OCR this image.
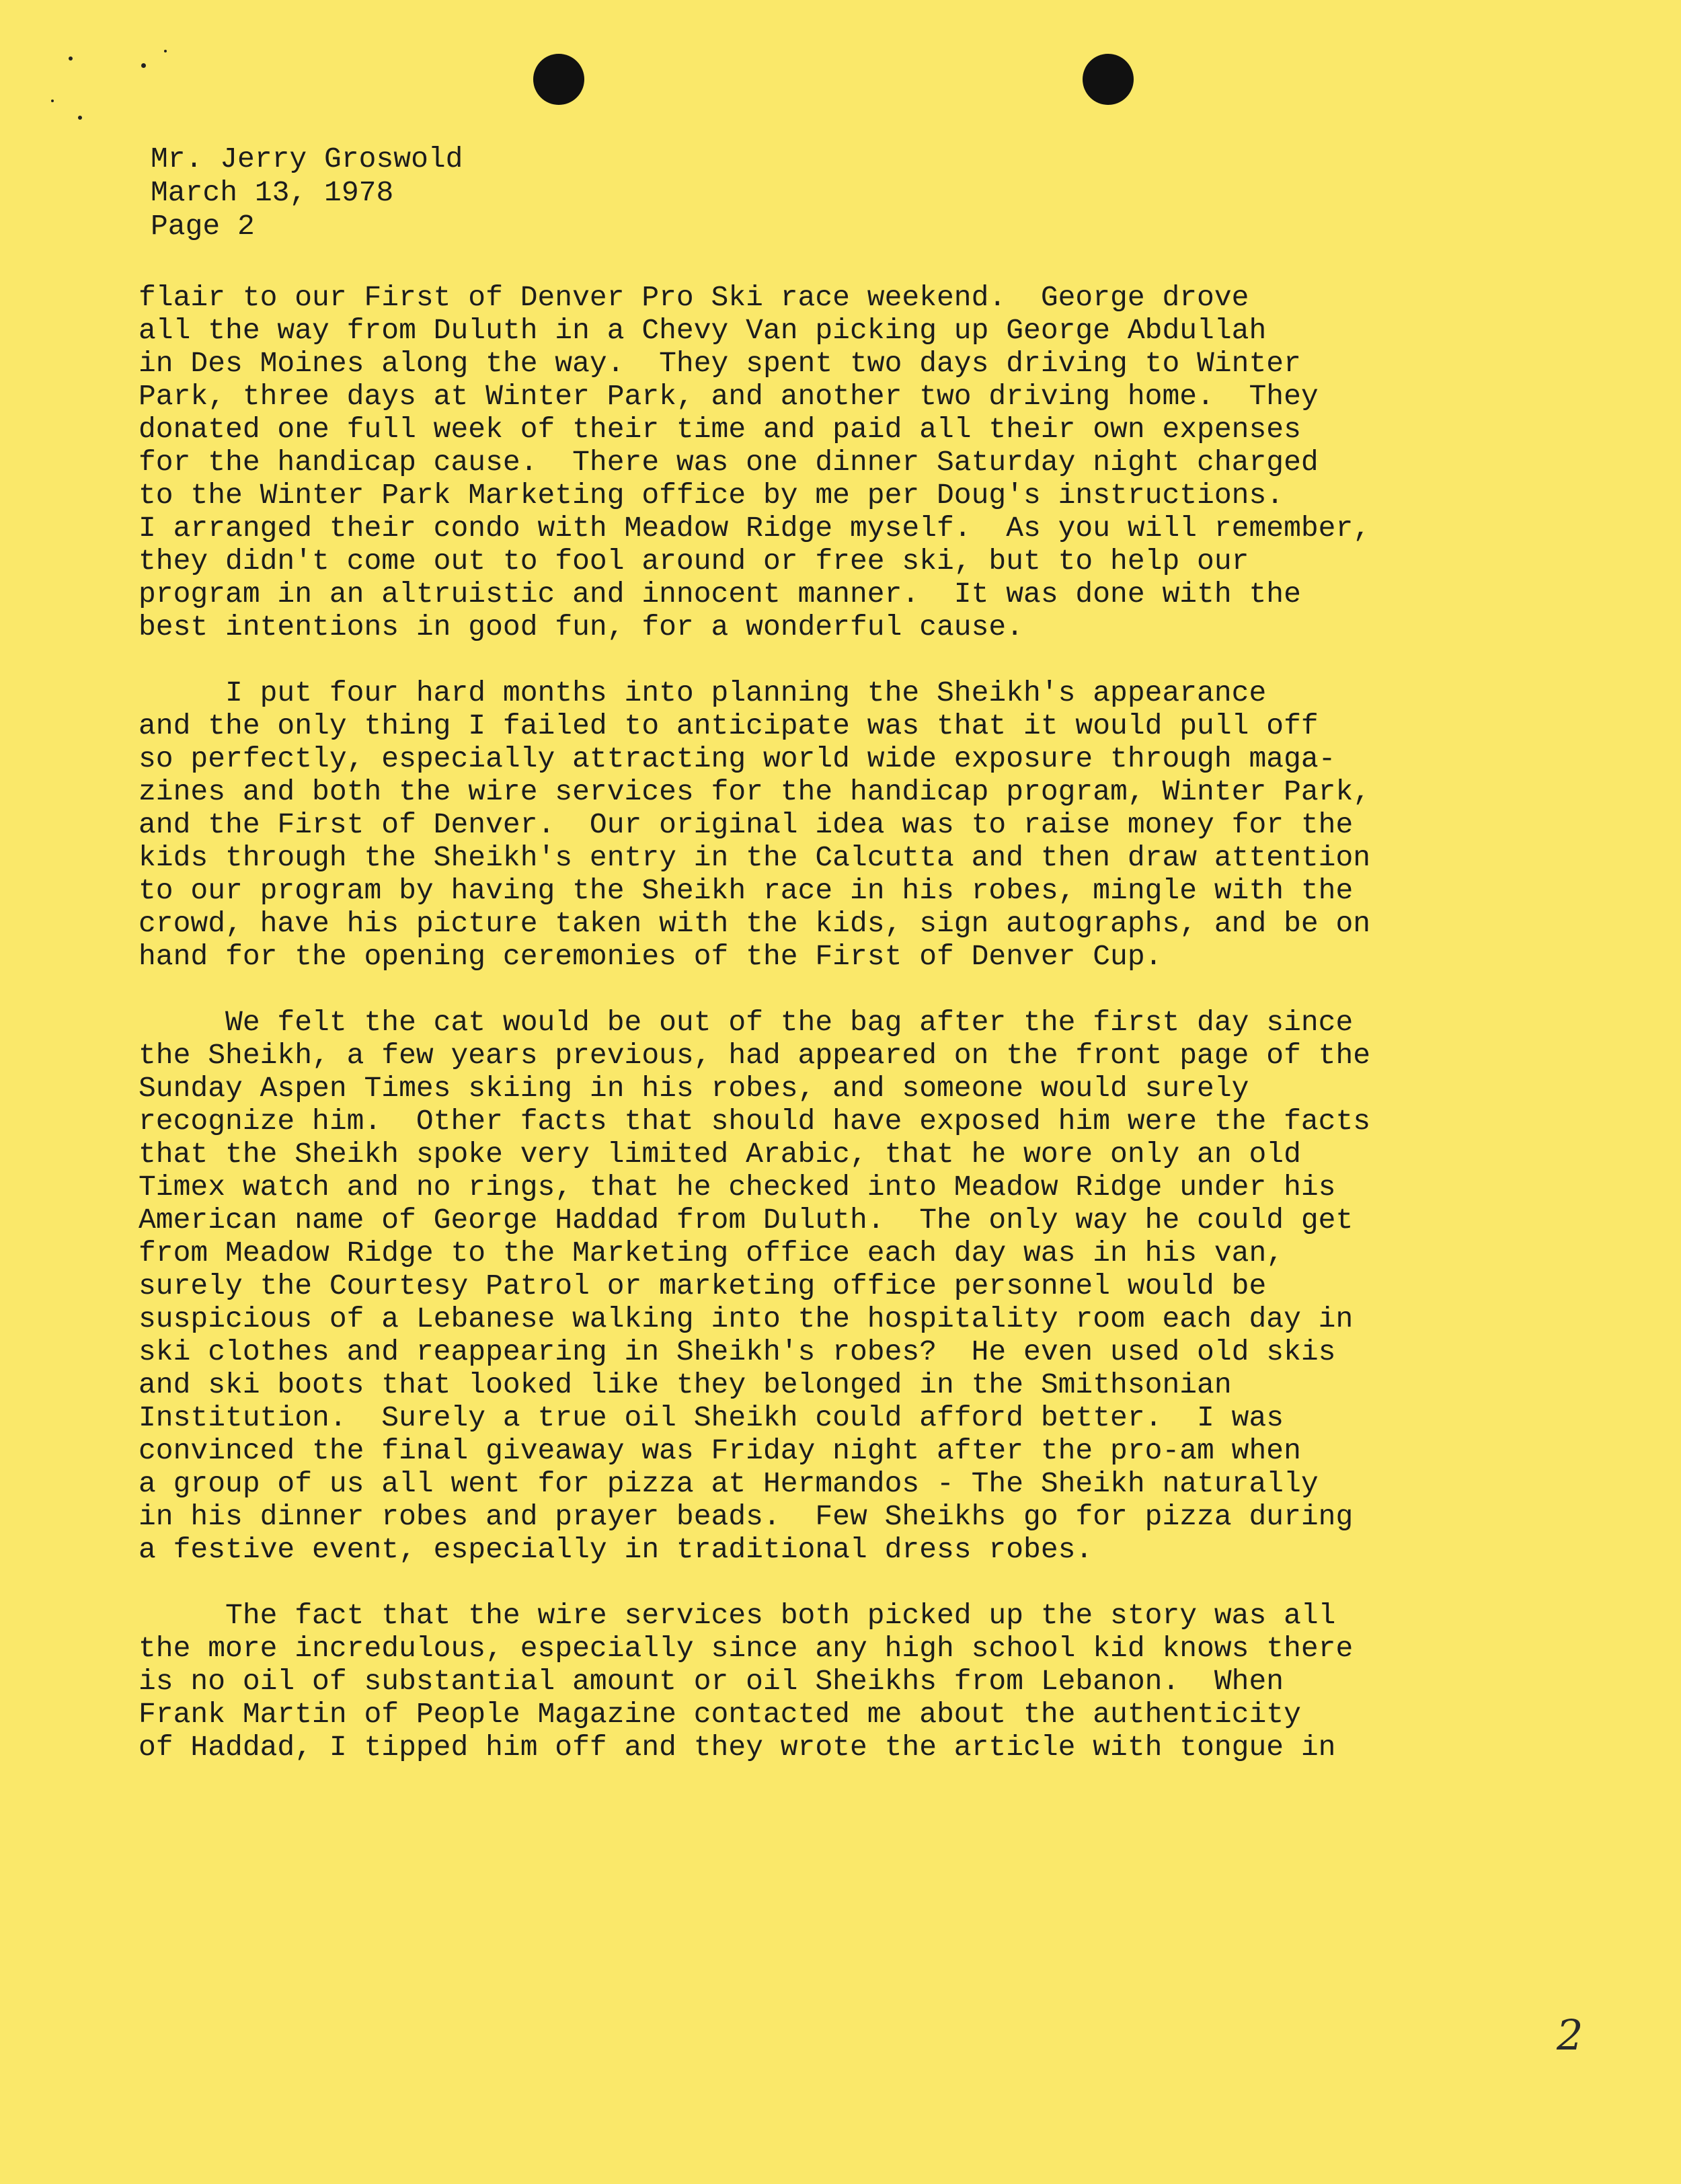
Mr. Jerry Groswold
March 13, 1978
Page 2
flair to our First of Denver Pro Ski race weekend.  George drove
all the way from Duluth in a Chevy Van picking up George Abdullah
in Des Moines along the way.  They spent two days driving to Winter
Park, three days at Winter Park, and another two driving home.  They
donated one full week of their time and paid all their own expenses
for the handicap cause.  There was one dinner Saturday night charged
to the Winter Park Marketing office by me per Doug's instructions.
I arranged their condo with Meadow Ridge myself.  As you will remember,
they didn't come out to fool around or free ski, but to help our
program in an altruistic and innocent manner.  It was done with the
best intentions in good fun, for a wonderful cause.
I put four hard months into planning the Sheikh's appearance
and the only thing I failed to anticipate was that it would pull off
so perfectly, especially attracting world wide exposure through maga-
zines and both the wire services for the handicap program, Winter Park,
and the First of Denver.  Our original idea was to raise money for the
kids through the Sheikh's entry in the Calcutta and then draw attention
to our program by having the Sheikh race in his robes, mingle with the
crowd, have his picture taken with the kids, sign autographs, and be on
hand for the opening ceremonies of the First of Denver Cup.
We felt the cat would be out of the bag after the first day since
the Sheikh, a few years previous, had appeared on the front page of the
Sunday Aspen Times skiing in his robes, and someone would surely
recognize him.  Other facts that should have exposed him were the facts
that the Sheikh spoke very limited Arabic, that he wore only an old
Timex watch and no rings, that he checked into Meadow Ridge under his
American name of George Haddad from Duluth.  The only way he could get
from Meadow Ridge to the Marketing office each day was in his van,
surely the Courtesy Patrol or marketing office personnel would be
suspicious of a Lebanese walking into the hospitality room each day in
ski clothes and reappearing in Sheikh's robes?  He even used old skis
and ski boots that looked like they belonged in the Smithsonian
Institution.  Surely a true oil Sheikh could afford better.  I was
convinced the final giveaway was Friday night after the pro-am when
a group of us all went for pizza at Hermandos - The Sheikh naturally
in his dinner robes and prayer beads.  Few Sheikhs go for pizza during
a festive event, especially in traditional dress robes.
The fact that the wire services both picked up the story was all
the more incredulous, especially since any high school kid knows there
is no oil of substantial amount or oil Sheikhs from Lebanon.  When
Frank Martin of People Magazine contacted me about the authenticity
of Haddad, I tipped him off and they wrote the article with tongue in
2
